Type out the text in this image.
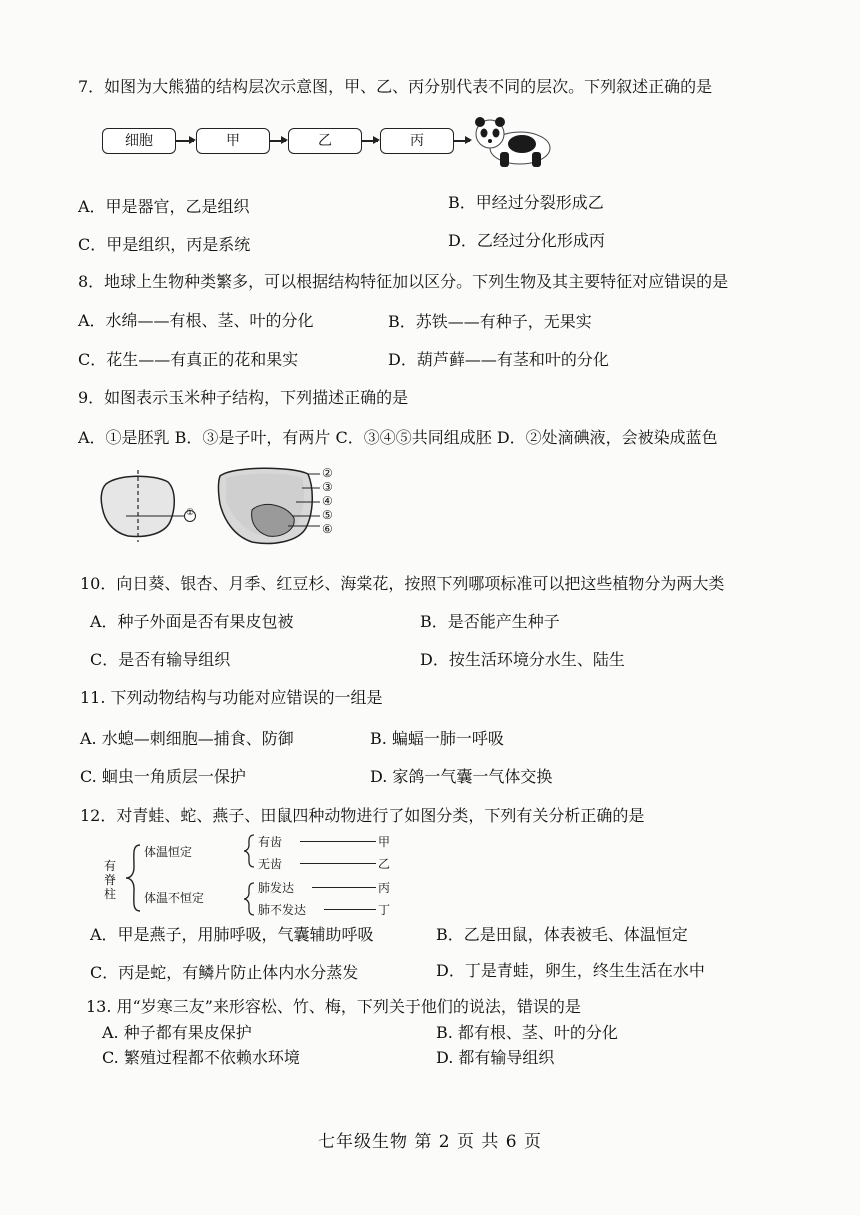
7．如图为大熊猫的结构层次示意图，甲、乙、丙分别代表不同的层次。下列叙述正确的是
细胞	甲	乙	丙
A．甲是器官，乙是组织	B．甲经过分裂形成乙
C．甲是组织，丙是系统	D．乙经过分化形成丙
8．地球上生物种类繁多，可以根据结构特征加以区分。下列生物及其主要特征对应错误的是
A．水绵——有根、茎、叶的分化	B．苏铁——有种子，无果实
C．花生——有真正的花和果实	D．葫芦藓——有茎和叶的分化
9．如图表示玉米种子结构，下列描述正确的是
A．①是胚乳 B．③是子叶，有两片 C．③④⑤共同组成胚 D．②处滴碘液，会被染成蓝色
①
②
③
④
⑤
⑥
10．向日葵、银杏、月季、红豆杉、海棠花，按照下列哪项标准可以把这些植物分为两大类
A．种子外面是否有果皮包被	B．是否能产生种子
C．是否有输导组织	D．按生活环境分水生、陆生
11. 下列动物结构与功能对应错误的一组是
A. 水螅—刺细胞—捕食、防御	B. 蝙蝠一肺一呼吸
C. 蛔虫一角质层一保护	D. 家鸽一气囊一气体交换
12．对青蛙、蛇、燕子、田鼠四种动物进行了如图分类，下列有关分析正确的是
有
脊
柱
体温恒定
体温不恒定
有齿	甲
无齿	乙
肺发达	丙
肺不发达	丁
A．甲是燕子，用肺呼吸，气囊辅助呼吸	B．乙是田鼠，体表被毛、体温恒定
C．丙是蛇，有鳞片防止体内水分蒸发	D．丁是青蛙，卵生，终生生活在水中
13. 用“岁寒三友”来形容松、竹、梅，下列关于他们的说法，错误的是
A. 种子都有果皮保护	B. 都有根、茎、叶的分化
C. 繁殖过程都不依赖水环境	D. 都有输导组织
七年级生物 第 2 页 共 6 页
